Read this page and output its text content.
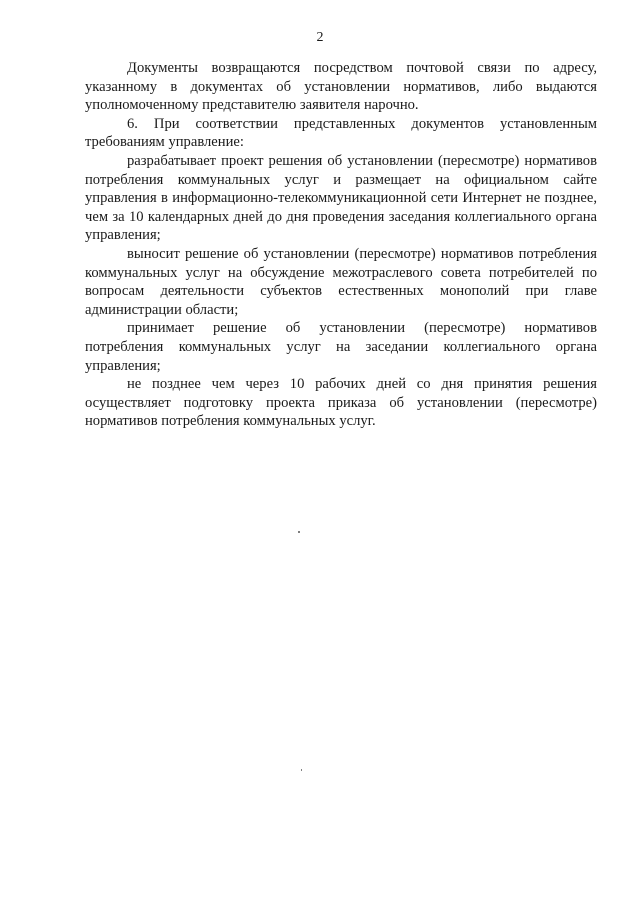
2

Документы возвращаются посредством почтовой связи по адресу, указанному в документах об установлении нормативов, либо выдаются уполномоченному представителю заявителя нарочно.

6. При соответствии представленных документов установленным требованиям управление:

разрабатывает проект решения об установлении (пересмотре) нормативов потребления коммунальных услуг и размещает на официальном сайте управления в информационно-телекоммуникационной сети Интернет не позднее, чем за 10 календарных дней до дня проведения заседания коллегиального органа управления;

выносит решение об установлении (пересмотре) нормативов потребления коммунальных услуг на обсуждение межотраслевого совета потребителей по вопросам деятельности субъектов естественных монополий при главе администрации области;

принимает решение об установлении (пересмотре) нормативов потребления коммунальных услуг на заседании коллегиального органа управления;

не позднее чем через 10 рабочих дней со дня принятия решения осуществляет подготовку проекта приказа об установлении (пересмотре) нормативов потребления коммунальных услуг.
